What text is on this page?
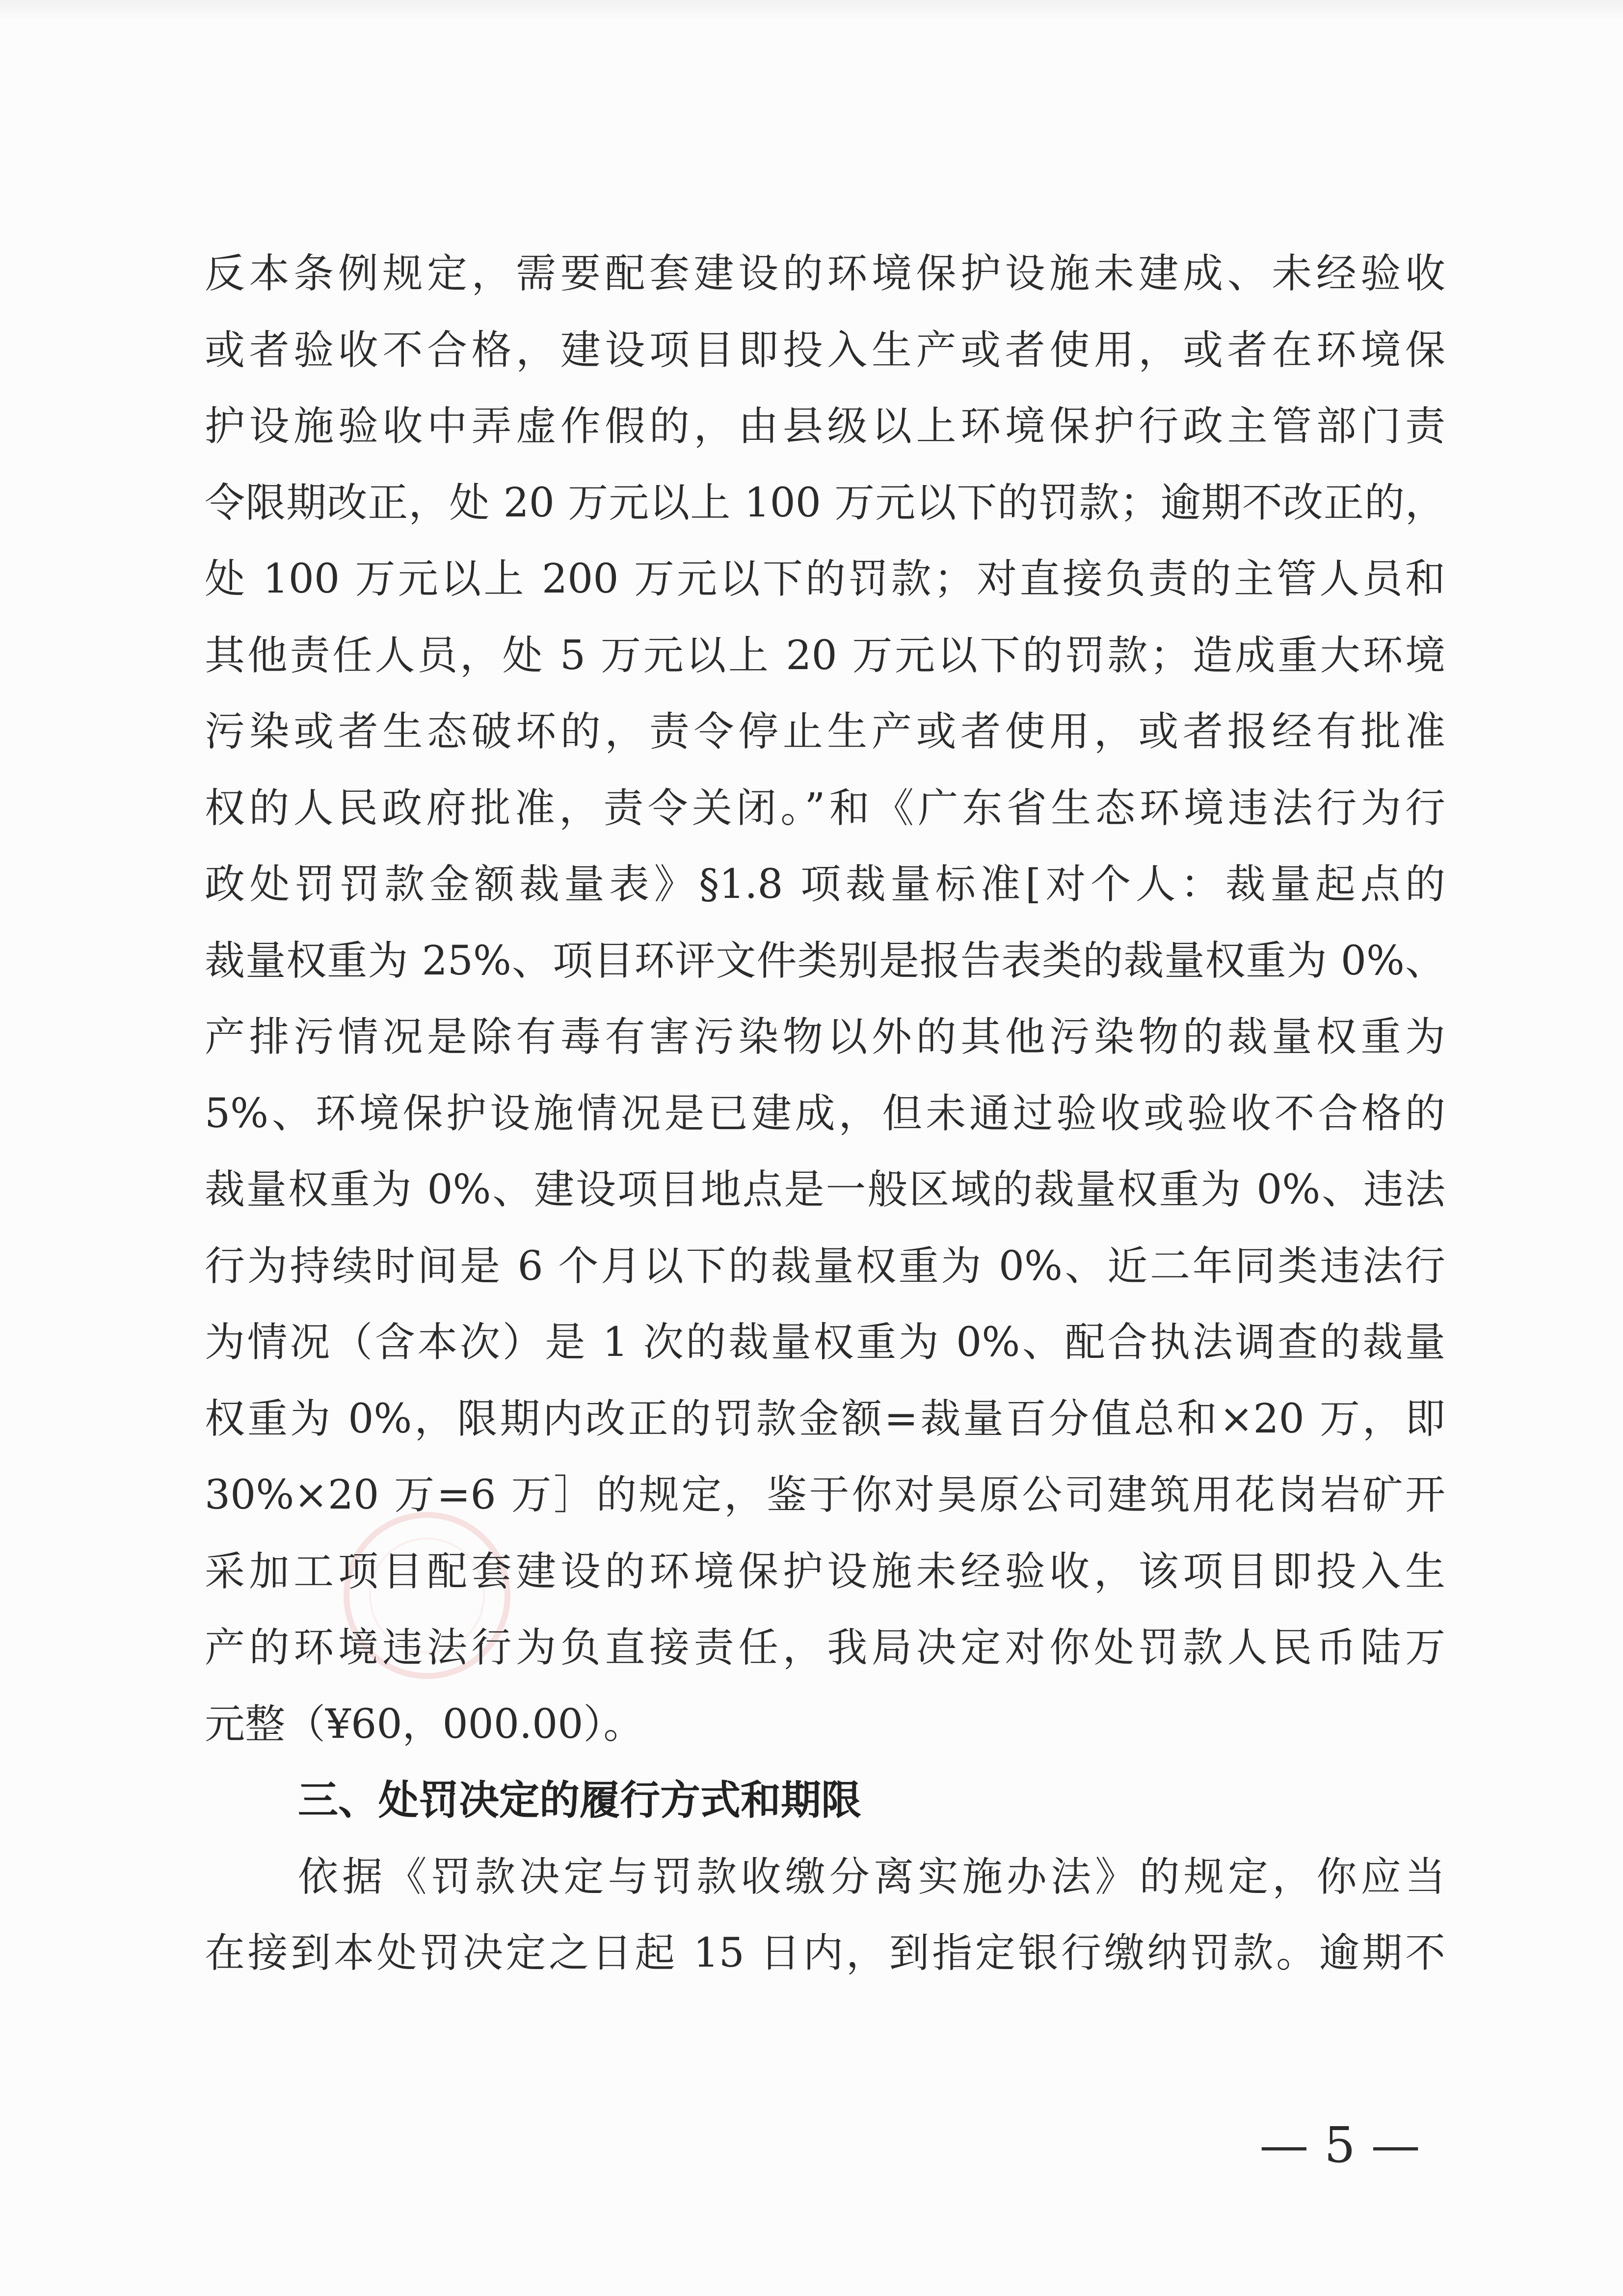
反本条例规定，需要配套建设的环境保护设施未建成、未经验收
或者验收不合格，建设项目即投入生产或者使用，或者在环境保
护设施验收中弄虚作假的，由县级以上环境保护行政主管部门责
令限期改正，处 20 万元以上 100 万元以下的罚款；逾期不改正的，
处 100 万元以上 200 万元以下的罚款；对直接负责的主管人员和
其他责任人员，处 5 万元以上 20 万元以下的罚款；造成重大环境
污染或者生态破坏的，责令停止生产或者使用，或者报经有批准
权的人民政府批准，责令关闭。”和《广东省生态环境违法行为行
政处罚罚款金额裁量表》§1.8 项裁量标准[对个人：裁量起点的
裁量权重为 25%、项目环评文件类别是报告表类的裁量权重为 0%、
产排污情况是除有毒有害污染物以外的其他污染物的裁量权重为
5%、环境保护设施情况是已建成，但未通过验收或验收不合格的
裁量权重为 0%、建设项目地点是一般区域的裁量权重为 0%、违法
行为持续时间是 6 个月以下的裁量权重为 0%、近二年同类违法行
为情况（含本次）是 1 次的裁量权重为 0%、配合执法调查的裁量
权重为 0%，限期内改正的罚款金额=裁量百分值总和×20 万，即
30%×20 万=6 万］的规定，鉴于你对昊原公司建筑用花岗岩矿开
采加工项目配套建设的环境保护设施未经验收，该项目即投入生
产的环境违法行为负直接责任，我局决定对你处罚款人民币陆万
元整（¥60，000.00）。
三、处罚决定的履行方式和期限
依据《罚款决定与罚款收缴分离实施办法》的规定，你应当
在接到本处罚决定之日起 15 日内，到指定银行缴纳罚款。逾期不
— 5 —
